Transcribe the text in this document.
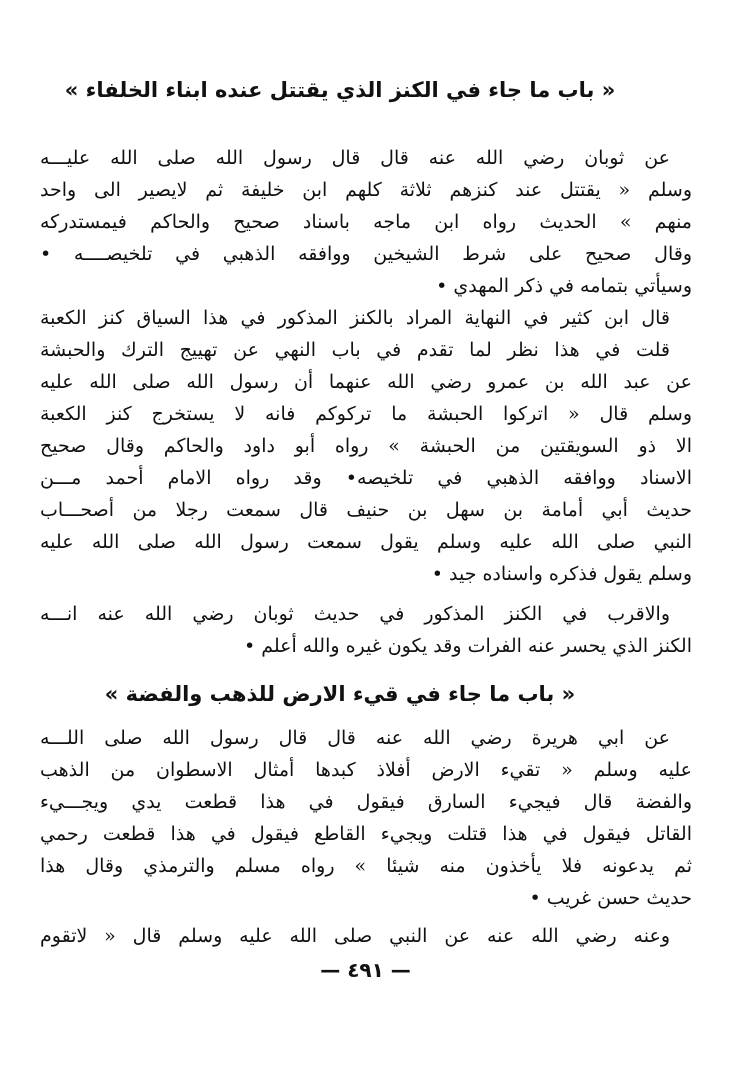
« باب ما جاء في الكنز الذي يقتتل عنده ابناء الخلفاء »
عن ثوبان رضي الله عنه قال قال رسول الله صلى الله عليـــه
وسلم « يقتتل عند كنزهم ثلاثة كلهم ابن خليفة ثم لايصير الى واحد
منهم » الحديث رواه ابن ماجه باسناد صحيح والحاكم فيمستدركه
وقال صحيح على شرط الشيخين ووافقه الذهبي في تلخيصــــه •
وسيأتي بتمامه في ذكر المهدي •
قال ابن كثير في النهاية المراد بالكنز المذكور في هذا السياق كنز الكعبة
قلت في هذا نظر لما تقدم في باب النهي عن تهييج الترك والحبشة
عن عبد الله بن عمرو رضي الله عنهما أن رسول الله صلى الله عليه
وسلم قال « اتركوا الحبشة ما تركوكم فانه لا يستخرج كنز الكعبة
الا ذو السويقتين من الحبشة » رواه أبو داود والحاكم وقال صحيح
الاسناد ووافقه الذهبي في تلخيصه• وقد رواه الامام أحمد مـــن
حديث أبي أمامة بن سهل بن حنيف قال سمعت رجلا من أصحـــاب
النبي صلى الله عليه وسلم يقول سمعت رسول الله صلى الله عليه
وسلم يقول فذكره واسناده جيد •
والاقرب في الكنز المذكور في حديث ثوبان رضي الله عنه انـــه
الكنز الذي يحسر عنه الفرات وقد يكون غيره والله أعلم •
« باب ما جاء في قيء الارض للذهب والفضة »
عن ابي هريرة رضي الله عنه قال قال رسول الله صلى اللـــه
عليه وسلم « تقيء الارض أفلاذ كبدها أمثال الاسطوان من الذهب
والفضة قال فيجيء السارق فيقول في هذا قطعت يدي ويجـــيء
القاتل فيقول في هذا قتلت ويجيء القاطع فيقول في هذا قطعت رحمي
ثم يدعونه فلا يأخذون منه شيئا » رواه مسلم والترمذي وقال هذا
حديث حسن غريب •
وعنه رضي الله عنه عن النبي صلى الله عليه وسلم قال « لاتقوم
— ٤٩١ —
